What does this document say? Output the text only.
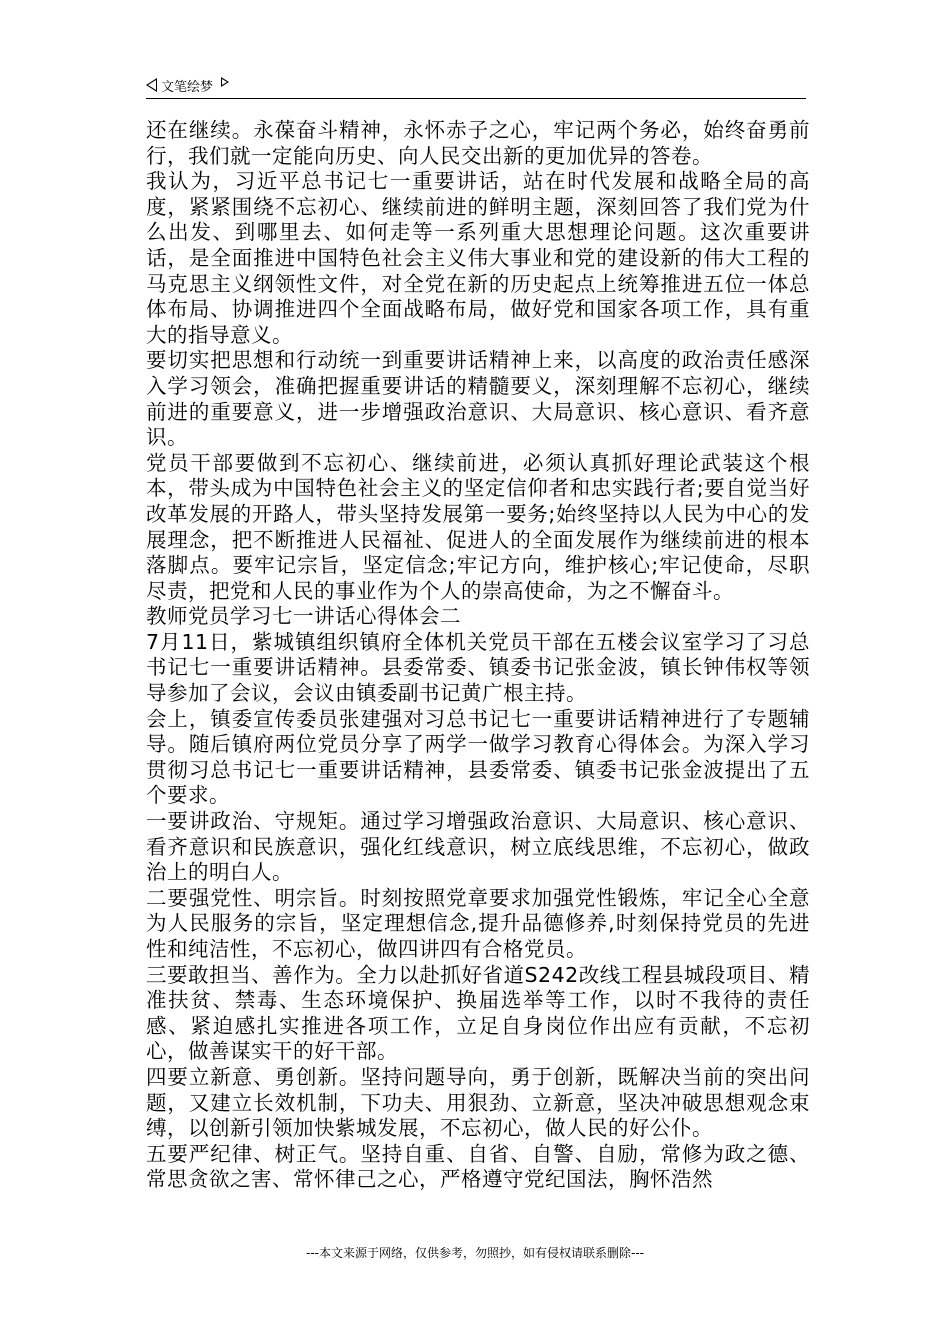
文笔绘梦

还在继续。永葆奋斗精神，永怀赤子之心，牢记两个务必，始终奋勇前行，我们就一定能向历史、向人民交出新的更加优异的答卷。

我认为，习近平总书记七一重要讲话，站在时代发展和战略全局的高度，紧紧围绕不忘初心、继续前进的鲜明主题，深刻回答了我们党为什么出发、到哪里去、如何走等一系列重大思想理论问题。这次重要讲话，是全面推进中国特色社会主义伟大事业和党的建设新的伟大工程的马克思主义纲领性文件，对全党在新的历史起点上统筹推进五位一体总体布局、协调推进四个全面战略布局，做好党和国家各项工作，具有重大的指导意义。

要切实把思想和行动统一到重要讲话精神上来，以高度的政治责任感深入学习领会，准确把握重要讲话的精髓要义，深刻理解不忘初心，继续前进的重要意义，进一步增强政治意识、大局意识、核心意识、看齐意识。

党员干部要做到不忘初心、继续前进，必须认真抓好理论武装这个根本，带头成为中国特色社会主义的坚定信仰者和忠实践行者;要自觉当好改革发展的开路人，带头坚持发展第一要务;始终坚持以人民为中心的发展理念，把不断推进人民福祉、促进人的全面发展作为继续前进的根本落脚点。要牢记宗旨，坚定信念;牢记方向，维护核心;牢记使命，尽职尽责，把党和人民的事业作为个人的崇高使命，为之不懈奋斗。

教师党员学习七一讲话心得体会二

7月11日，紫城镇组织镇府全体机关党员干部在五楼会议室学习了习总书记七一重要讲话精神。县委常委、镇委书记张金波，镇长钟伟权等领导参加了会议，会议由镇委副书记黄广根主持。

会上，镇委宣传委员张建强对习总书记七一重要讲话精神进行了专题辅导。随后镇府两位党员分享了两学一做学习教育心得体会。为深入学习贯彻习总书记七一重要讲话精神，县委常委、镇委书记张金波提出了五个要求。

一要讲政治、守规矩。通过学习增强政治意识、大局意识、核心意识、看齐意识和民族意识，强化红线意识，树立底线思维，不忘初心，做政治上的明白人。

二要强党性、明宗旨。时刻按照党章要求加强党性锻炼，牢记全心全意为人民服务的宗旨，坚定理想信念,提升品德修养,时刻保持党员的先进性和纯洁性，不忘初心，做四讲四有合格党员。

三要敢担当、善作为。全力以赴抓好省道S242改线工程县城段项目、精准扶贫、禁毒、生态环境保护、换届选举等工作，以时不我待的责任感、紧迫感扎实推进各项工作，立足自身岗位作出应有贡献，不忘初心，做善谋实干的好干部。

四要立新意、勇创新。坚持问题导向，勇于创新，既解决当前的突出问题，又建立长效机制，下功夫、用狠劲、立新意，坚决冲破思想观念束缚，以创新引领加快紫城发展，不忘初心，做人民的好公仆。

五要严纪律、树正气。坚持自重、自省、自警、自励，常修为政之德、常思贪欲之害、常怀律己之心，严格遵守党纪国法，胸怀浩然

---本文来源于网络，仅供参考，勿照抄，如有侵权请联系删除---
